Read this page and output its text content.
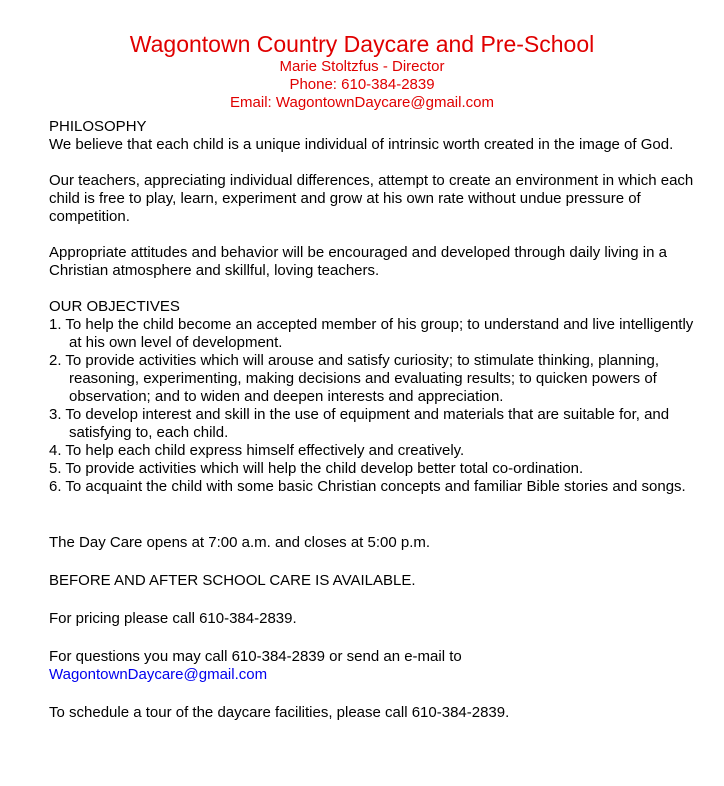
Wagontown Country Daycare and Pre-School
Marie Stoltzfus - Director
Phone: 610-384-2839
Email: WagontownDaycare@gmail.com
PHILOSOPHY

We believe that each child is a unique individual of intrinsic worth created in the image of God.

Our teachers, appreciating individual differences, attempt to create an environment in which each child is free to play, learn, experiment and grow at his own rate without undue pressure of competition.

Appropriate attitudes and behavior will be encouraged and developed through daily living in a Christian atmosphere and skillful, loving teachers.

OUR OBJECTIVES
1. To help the child become an accepted member of his group; to understand and live intelligently at his own level of development.
2. To provide activities which will arouse and satisfy curiosity; to stimulate thinking, planning, reasoning, experimenting, making decisions and evaluating results; to quicken powers of observation; and to widen and deepen interests and appreciation.
3. To develop interest and skill in the use of equipment and materials that are suitable for, and satisfying to, each child.
4. To help each child express himself effectively and creatively.
5. To provide activities which will help the child develop better total co-ordination.
6. To acquaint the child with some basic Christian concepts and familiar Bible stories and songs.

The Day Care opens at 7:00 a.m. and closes at 5:00 p.m.

BEFORE AND AFTER SCHOOL CARE IS AVAILABLE.

For pricing please call 610-384-2839.

For questions you may call 610-384-2839 or send an e-mail to

WagontownDaycare@gmail.com

To schedule a tour of the daycare facilities, please call 610-384-2839.
